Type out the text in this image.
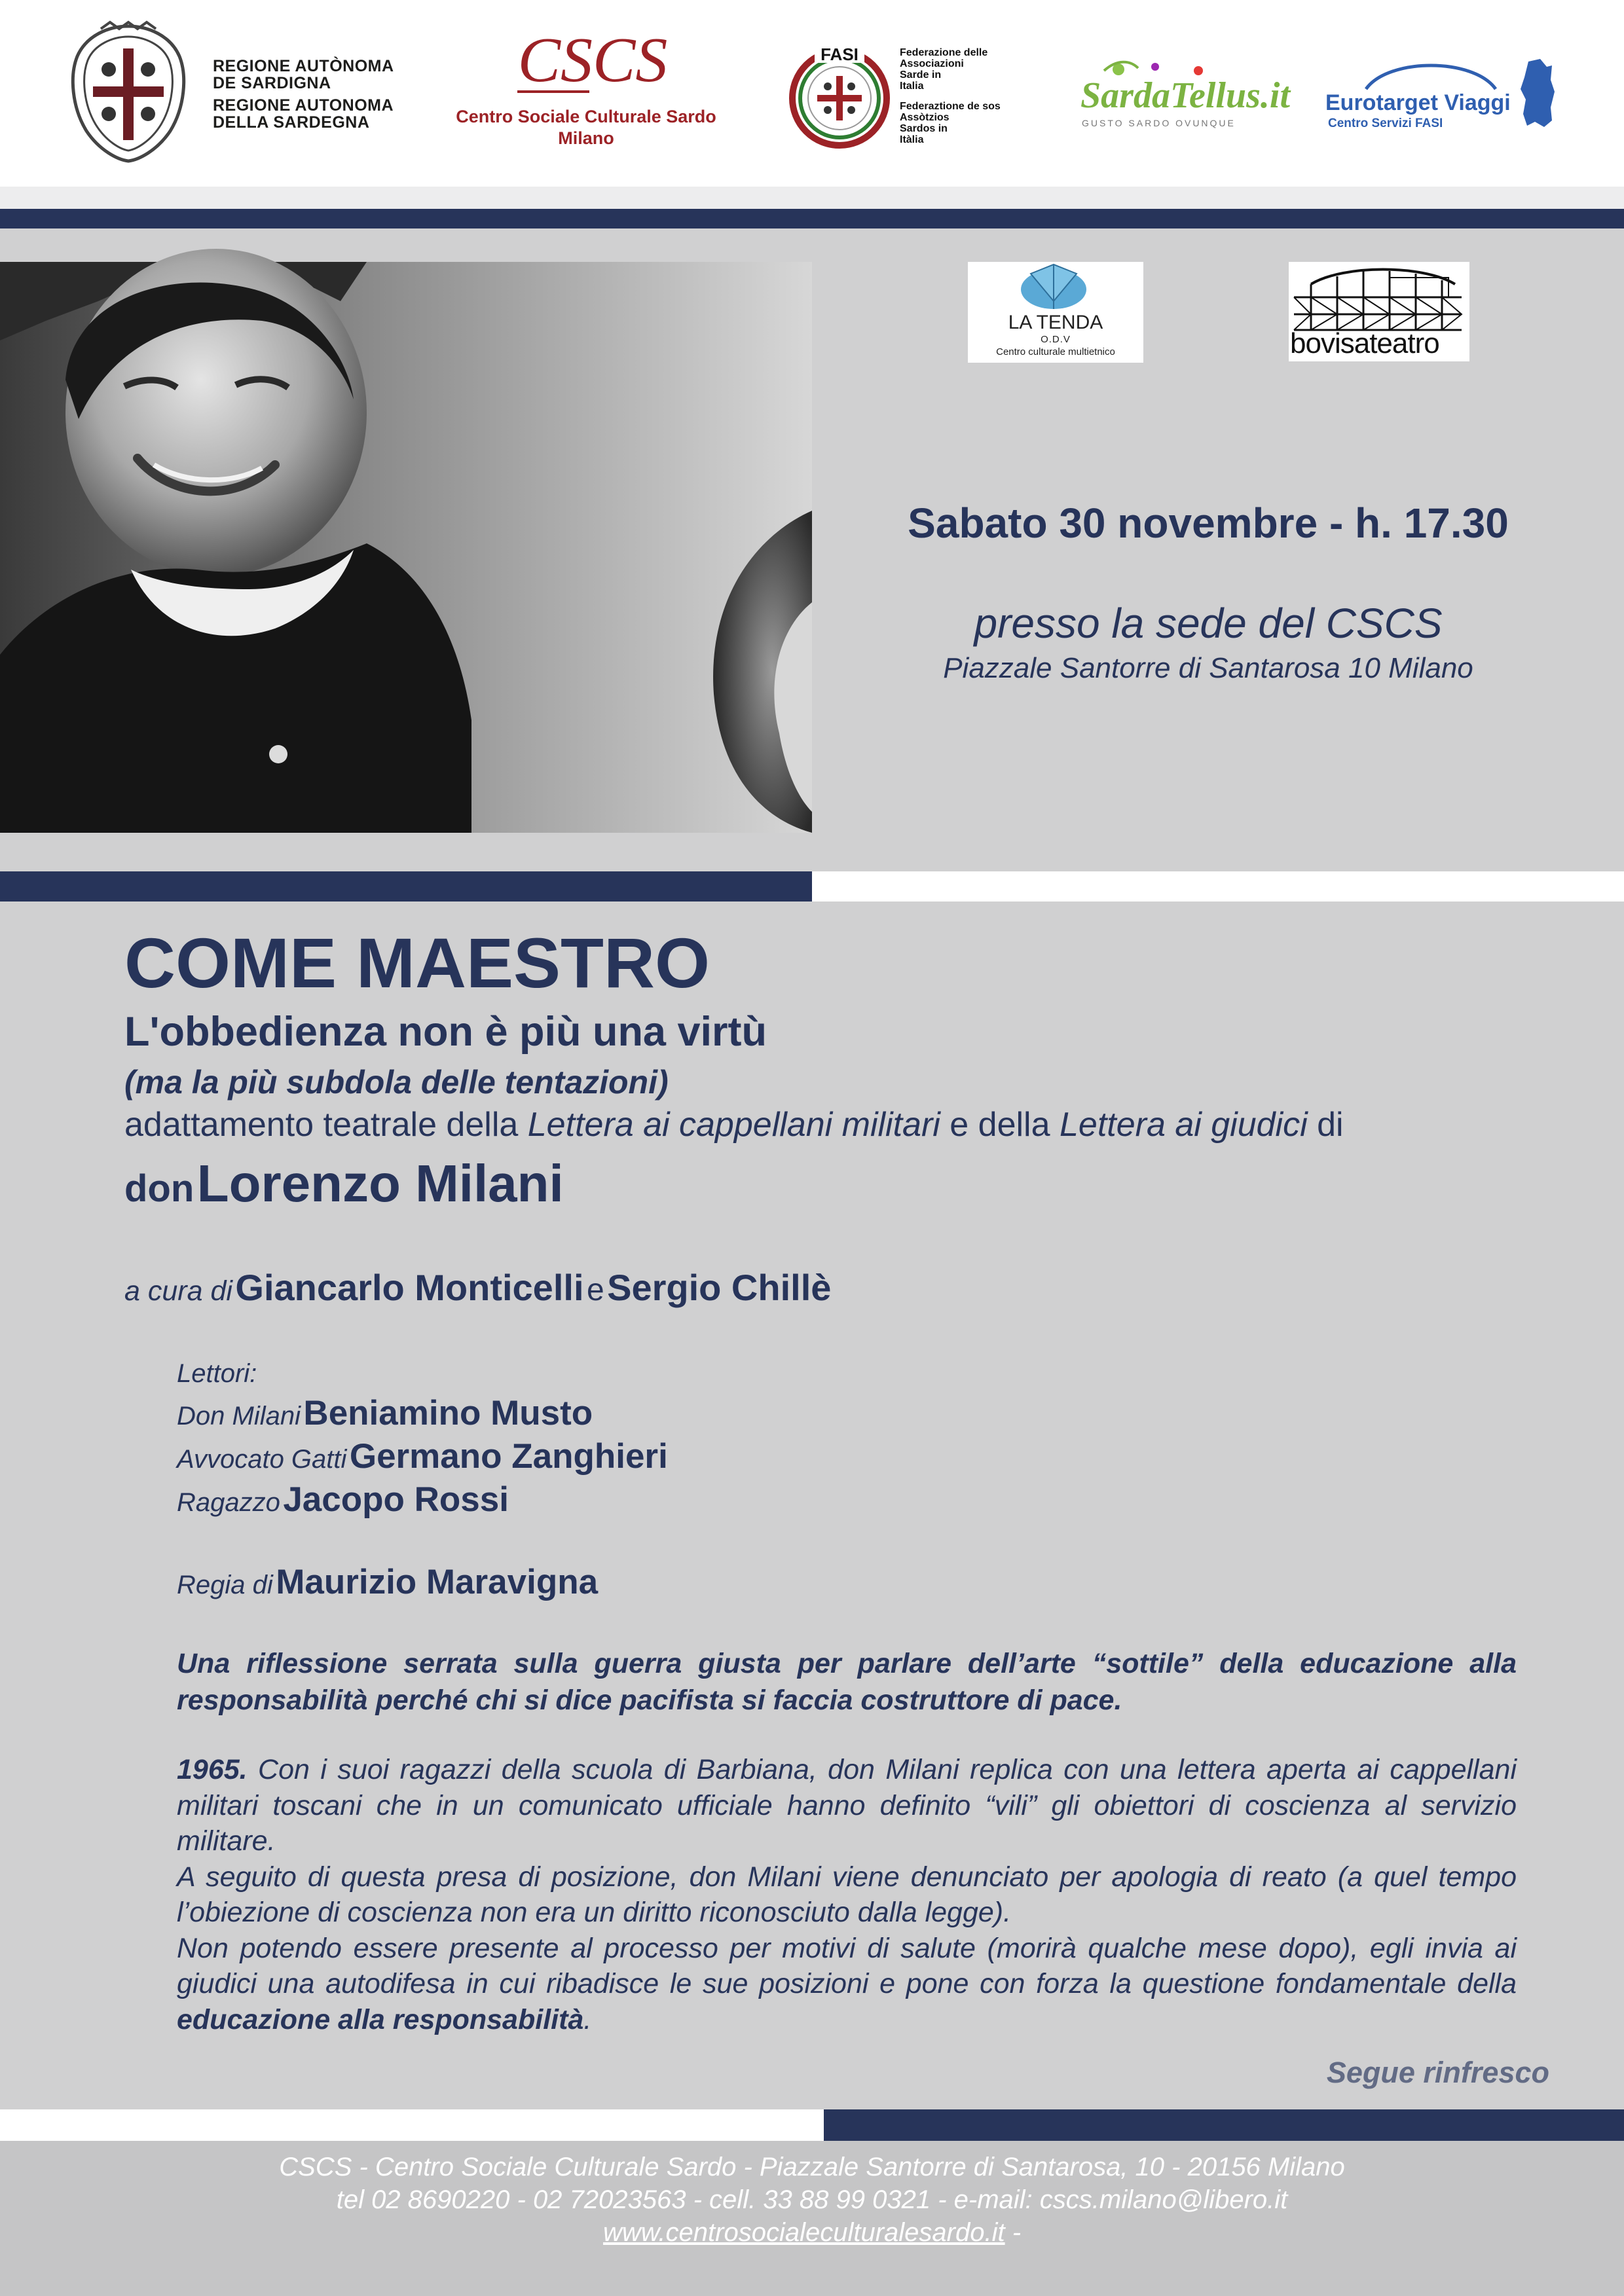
REGIONE AUTÒNOMA
DE SARDIGNA
REGIONE AUTONOMA
DELLA SARDEGNA
CSCS
Centro Sociale Culturale Sardo
Milano
FASI	Federazione delle
Associazioni
Sarde in
Italia
Federaztione de sos
Assòtzios
Sardos in
Itàlia
SardaTellus.it
GUSTO SARDO OVUNQUE
Eurotarget Viaggi
Centro Servizi FASI
LA TENDA
O.D.V
Centro culturale multietnico	bovisateatro
Sabato 30 novembre - h. 17.30
presso la sede del CSCS
Piazzale Santorre di Santarosa 10 Milano
COME MAESTRO
L'obbedienza non è più una virtù
(ma la più subdola delle tentazioni)
adattamento teatrale della Lettera ai cappellani militari e della Lettera ai giudici di
don Lorenzo Milani
a cura di Giancarlo Monticelli e Sergio Chillè
Lettori:
Don Milani Beniamino Musto
Avvocato Gatti Germano Zanghieri
Ragazzo Jacopo Rossi
Regia di Maurizio Maravigna
Una riflessione serrata sulla guerra giusta per parlare dell’arte “sottile” della educazione alla responsabilità perché chi si dice pacifista si faccia costruttore di pace.

1965. Con i suoi ragazzi della scuola di Barbiana, don Milani replica con una lettera aperta ai cappellani militari toscani che in un comunicato ufficiale hanno definito “vili” gli obiettori di coscienza al servizio militare.

A seguito di questa presa di posizione, don Milani viene denunciato per apologia di reato (a quel tempo l’obiezione di coscienza non era un diritto riconosciuto dalla legge).

Non potendo essere presente al processo per motivi di salute (morirà qualche mese dopo), egli invia ai giudici una autodifesa in cui ribadisce le sue posizioni e pone con forza la questione fondamentale della educazione alla responsabilità.

Segue rinfresco
CSCS - Centro Sociale Culturale Sardo - Piazzale Santorre di Santarosa, 10 - 20156 Milano
tel 02 8690220 - 02 72023563 - cell. 33 88 99 0321 - e-mail: cscs.milano@libero.it
www.centrosocialeculturalesardo.it -
